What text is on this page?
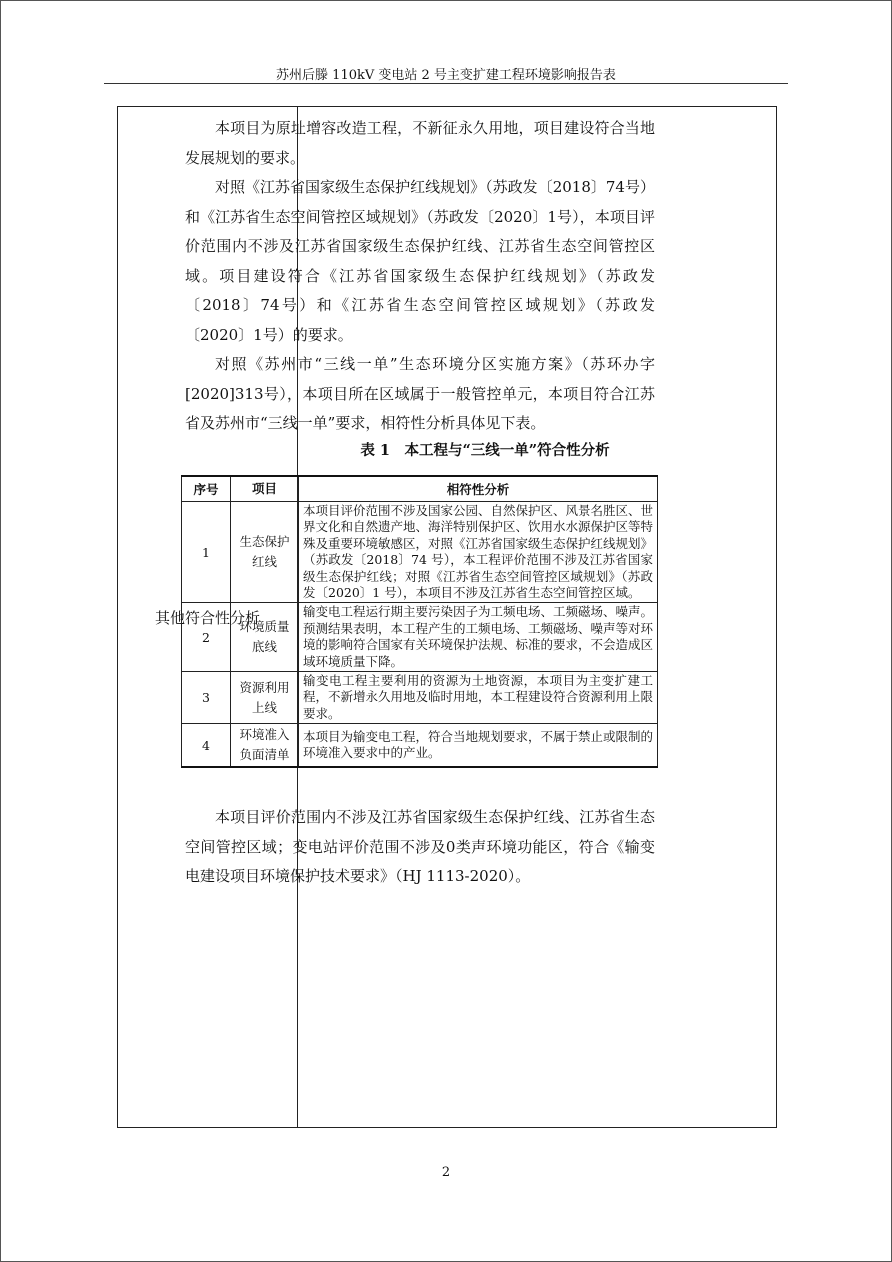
苏州后滕 110kV 变电站 2 号主变扩建工程环境影响报告表
其他符合性分析

本项目为原址增容改造工程，不新征永久用地，项目建设符合当地发展规划的要求。

对照《江苏省国家级生态保护红线规划》（苏政发〔2018〕74号）和《江苏省生态空间管控区域规划》（苏政发〔2020〕1号），本项目评价范围内不涉及江苏省国家级生态保护红线、江苏省生态空间管控区域。项目建设符合《江苏省国家级生态保护红线规划》（苏政发〔2018〕74号）和《江苏省生态空间管控区域规划》（苏政发〔2020〕1号）的要求。

对照《苏州市“三线一单”生态环境分区实施方案》（苏环办字[2020]313号），本项目所在区域属于一般管控单元，本项目符合江苏省及苏州市“三线一单”要求，相符性分析具体见下表。

表 1　本工程与“三线一单”符合性分析
序号	项目	相符性分析
1	生态保护红线	本项目评价范围不涉及国家公园、自然保护区、风景名胜区、世界文化和自然遗产地、海洋特别保护区、饮用水水源保护区等特殊及重要环境敏感区，对照《江苏省国家级生态保护红线规划》（苏政发〔2018〕74 号），本工程评价范围不涉及江苏省国家级生态保护红线；对照《江苏省生态空间管控区域规划》（苏政发〔2020〕1 号），本项目不涉及江苏省生态空间管控区域。
2	环境质量底线	输变电工程运行期主要污染因子为工频电场、工频磁场、噪声。预测结果表明，本工程产生的工频电场、工频磁场、噪声等对环境的影响符合国家有关环境保护法规、标准的要求，不会造成区域环境质量下降。
3	资源利用上线	输变电工程主要利用的资源为土地资源，本项目为主变扩建工程，不新增永久用地及临时用地，本工程建设符合资源利用上限要求。
4	环境准入负面清单	本项目为输变电工程，符合当地规划要求，不属于禁止或限制的环境准入要求中的产业。

本项目评价范围内不涉及江苏省国家级生态保护红线、江苏省生态空间管控区域；变电站评价范围不涉及0类声环境功能区，符合《输变电建设项目环境保护技术要求》（HJ 1113-2020）。

2
